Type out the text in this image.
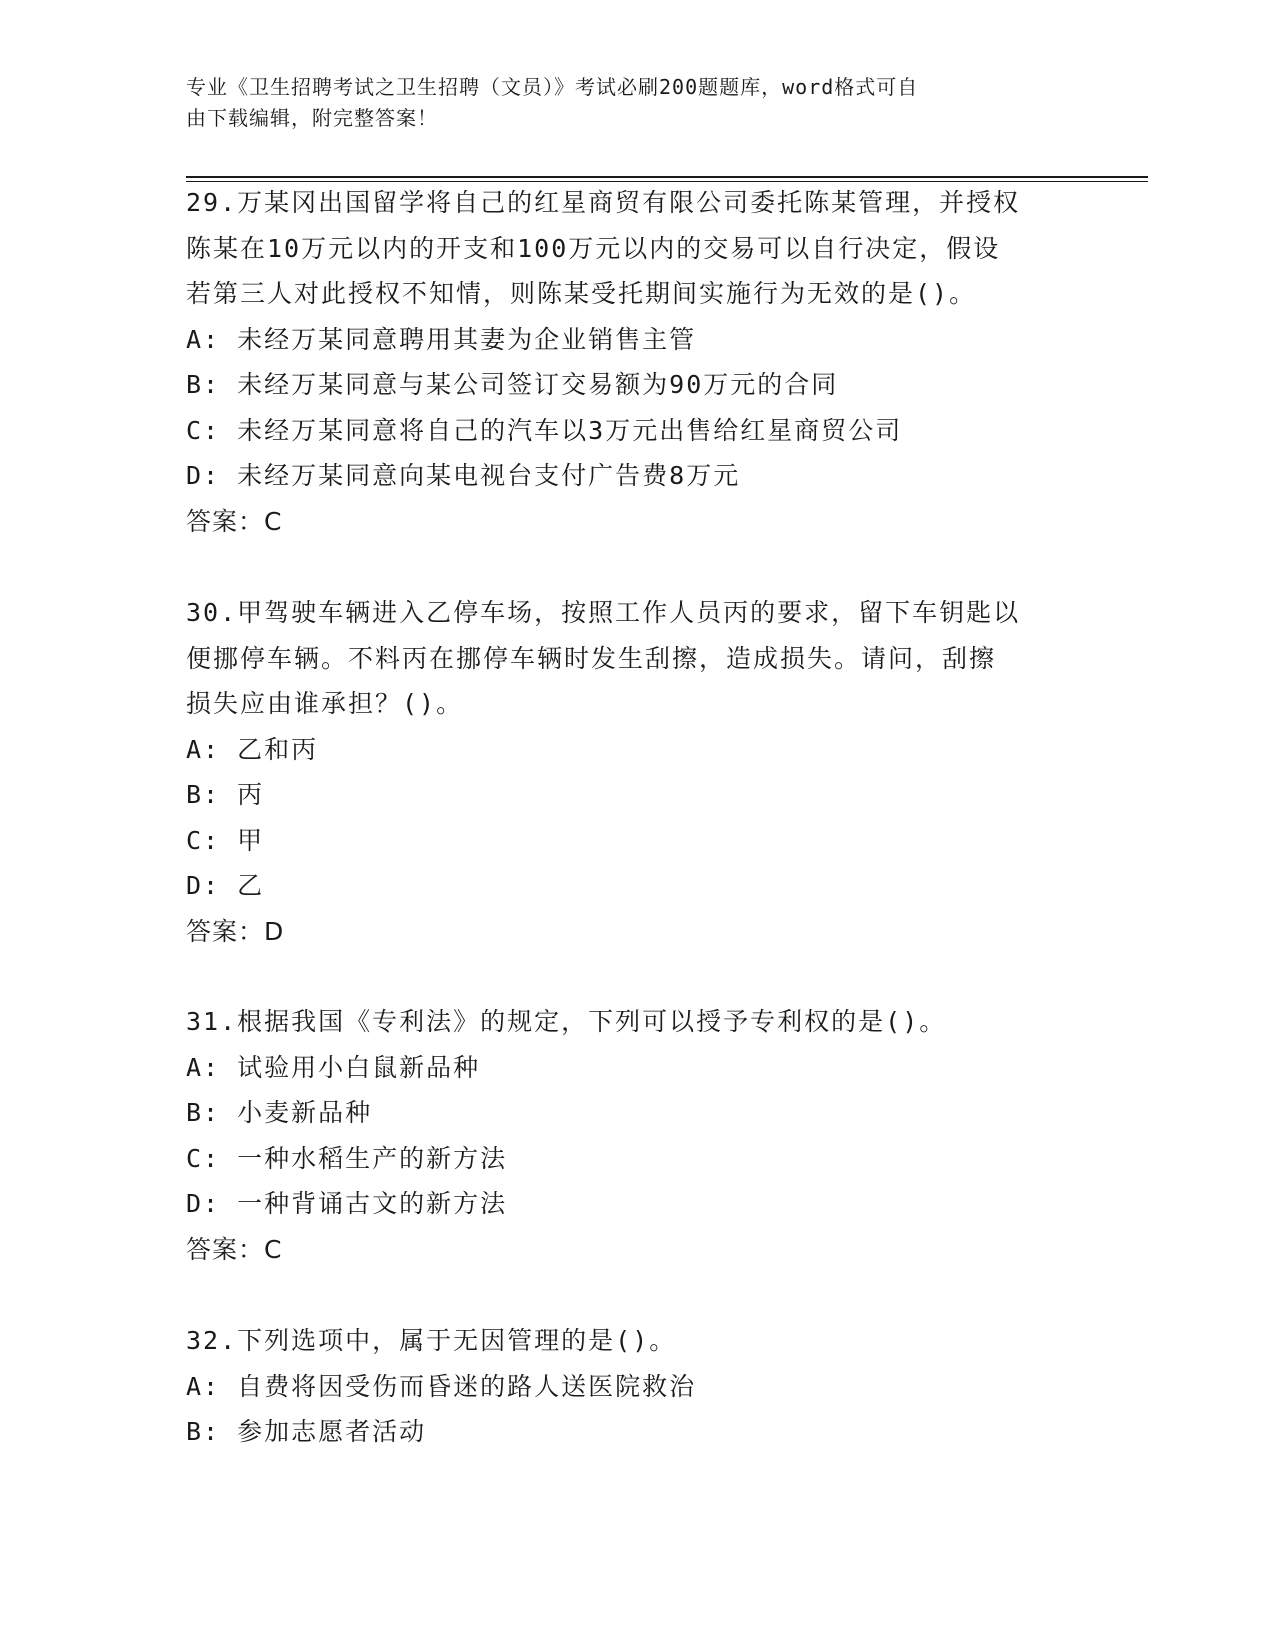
专业《卫生招聘考试之卫生招聘（文员）》考试必刷200题题库，word格式可自
由下载编辑，附完整答案！
29.万某冈出国留学将自己的红星商贸有限公司委托陈某管理，并授权
陈某在10万元以内的开支和100万元以内的交易可以自行决定，假设
若第三人对此授权不知情，则陈某受托期间实施行为无效的是()。
A: 未经万某同意聘用其妻为企业销售主管
B: 未经万某同意与某公司签订交易额为90万元的合同
C: 未经万某同意将自己的汽车以3万元出售给红星商贸公司
D: 未经万某同意向某电视台支付广告费8万元
答案：C
30.甲驾驶车辆进入乙停车场，按照工作人员丙的要求，留下车钥匙以
便挪停车辆。不料丙在挪停车辆时发生刮擦，造成损失。请问，刮擦
损失应由谁承担？()。
A: 乙和丙
B: 丙
C: 甲
D: 乙
答案：D
31.根据我国《专利法》的规定，下列可以授予专利权的是()。
A: 试验用小白鼠新品种
B: 小麦新品种
C: 一种水稻生产的新方法
D: 一种背诵古文的新方法
答案：C
32.下列选项中，属于无因管理的是()。
A: 自费将因受伤而昏迷的路人送医院救治
B: 参加志愿者活动
